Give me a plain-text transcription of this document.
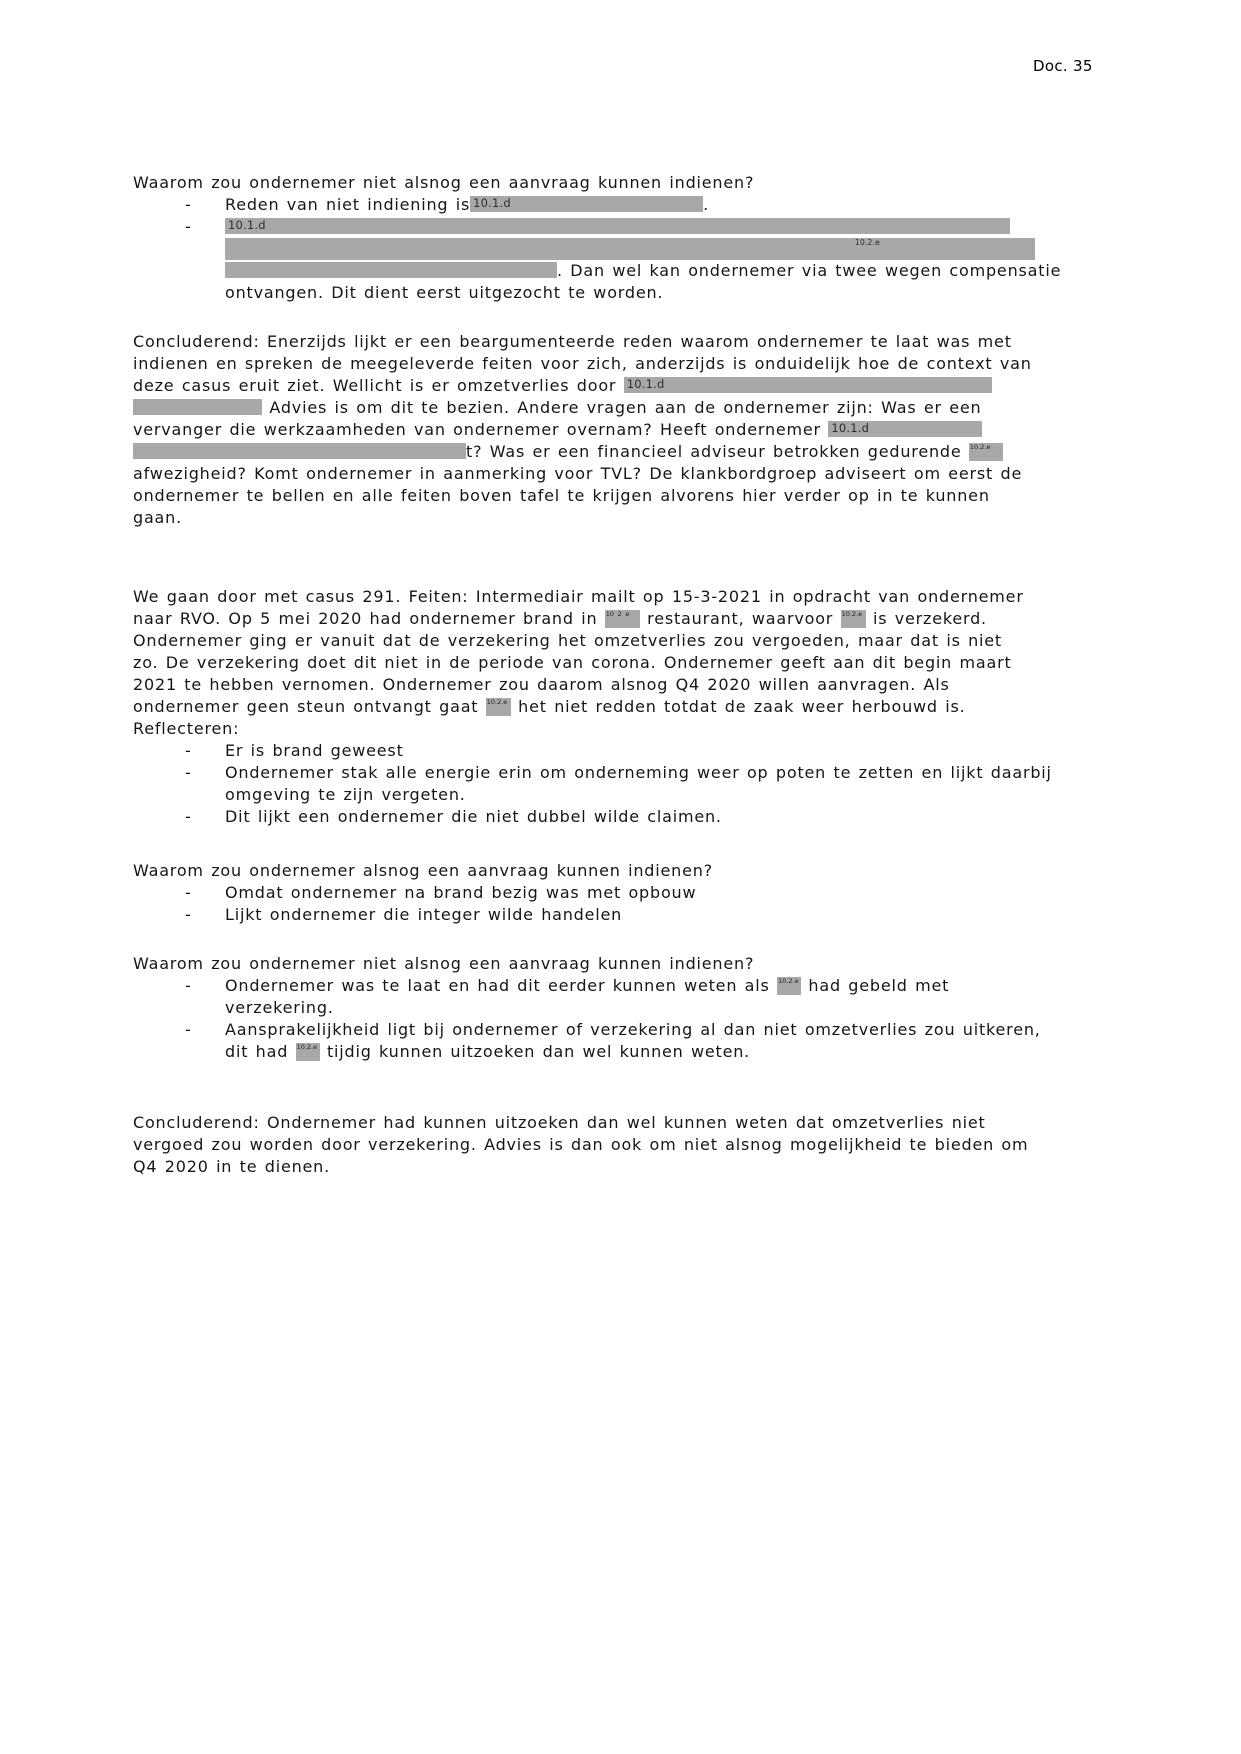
Doc. 35
Waarom zou ondernemer niet alsnog een aanvraag kunnen indienen?
- Reden van niet indiening is 10.1.d	.
-	10.1.d
10.2.e
. Dan wel kan ondernemer via twee wegen compensatie
ontvangen. Dit dient eerst uitgezocht te worden.
Concluderend: Enerzijds lijkt er een beargumenteerde reden waarom ondernemer te laat was met
indienen en spreken de meegeleverde feiten voor zich, anderzijds is onduidelijk hoe de context van
deze casus eruit ziet. Wellicht is er omzetverlies door 10.1.d
Advies is om dit te bezien. Andere vragen aan de ondernemer zijn: Was er een
vervanger die werkzaamheden van ondernemer overnam? Heeft ondernemer 10.1.d
t? Was er een financieel adviseur betrokken gedurende 10.2.e
afwezigheid? Komt ondernemer in aanmerking voor TVL? De klankbordgroep adviseert om eerst de
ondernemer te bellen en alle feiten boven tafel te krijgen alvorens hier verder op in te kunnen
gaan.
We gaan door met casus 291. Feiten: Intermediair mailt op 15-3-2021 in opdracht van ondernemer
naar RVO. Op 5 mei 2020 had ondernemer brand in 10 2 e restaurant, waarvoor 10.2.e is verzekerd.
Ondernemer ging er vanuit dat de verzekering het omzetverlies zou vergoeden, maar dat is niet
zo. De verzekering doet dit niet in de periode van corona. Ondernemer geeft aan dit begin maart
2021 te hebben vernomen. Ondernemer zou daarom alsnog Q4 2020 willen aanvragen. Als
ondernemer geen steun ontvangt gaat 10.2.e het niet redden totdat de zaak weer herbouwd is.
Reflecteren:
- Er is brand geweest
- Ondernemer stak alle energie erin om onderneming weer op poten te zetten en lijkt daarbij
omgeving te zijn vergeten.
- Dit lijkt een ondernemer die niet dubbel wilde claimen.
Waarom zou ondernemer alsnog een aanvraag kunnen indienen?
- Omdat ondernemer na brand bezig was met opbouw
- Lijkt ondernemer die integer wilde handelen
Waarom zou ondernemer niet alsnog een aanvraag kunnen indienen?
- Ondernemer was te laat en had dit eerder kunnen weten als 10.2.e had gebeld met
verzekering.
- Aansprakelijkheid ligt bij ondernemer of verzekering al dan niet omzetverlies zou uitkeren,
dit had 10.2.e tijdig kunnen uitzoeken dan wel kunnen weten.
Concluderend: Ondernemer had kunnen uitzoeken dan wel kunnen weten dat omzetverlies niet
vergoed zou worden door verzekering. Advies is dan ook om niet alsnog mogelijkheid te bieden om
Q4 2020 in te dienen.
